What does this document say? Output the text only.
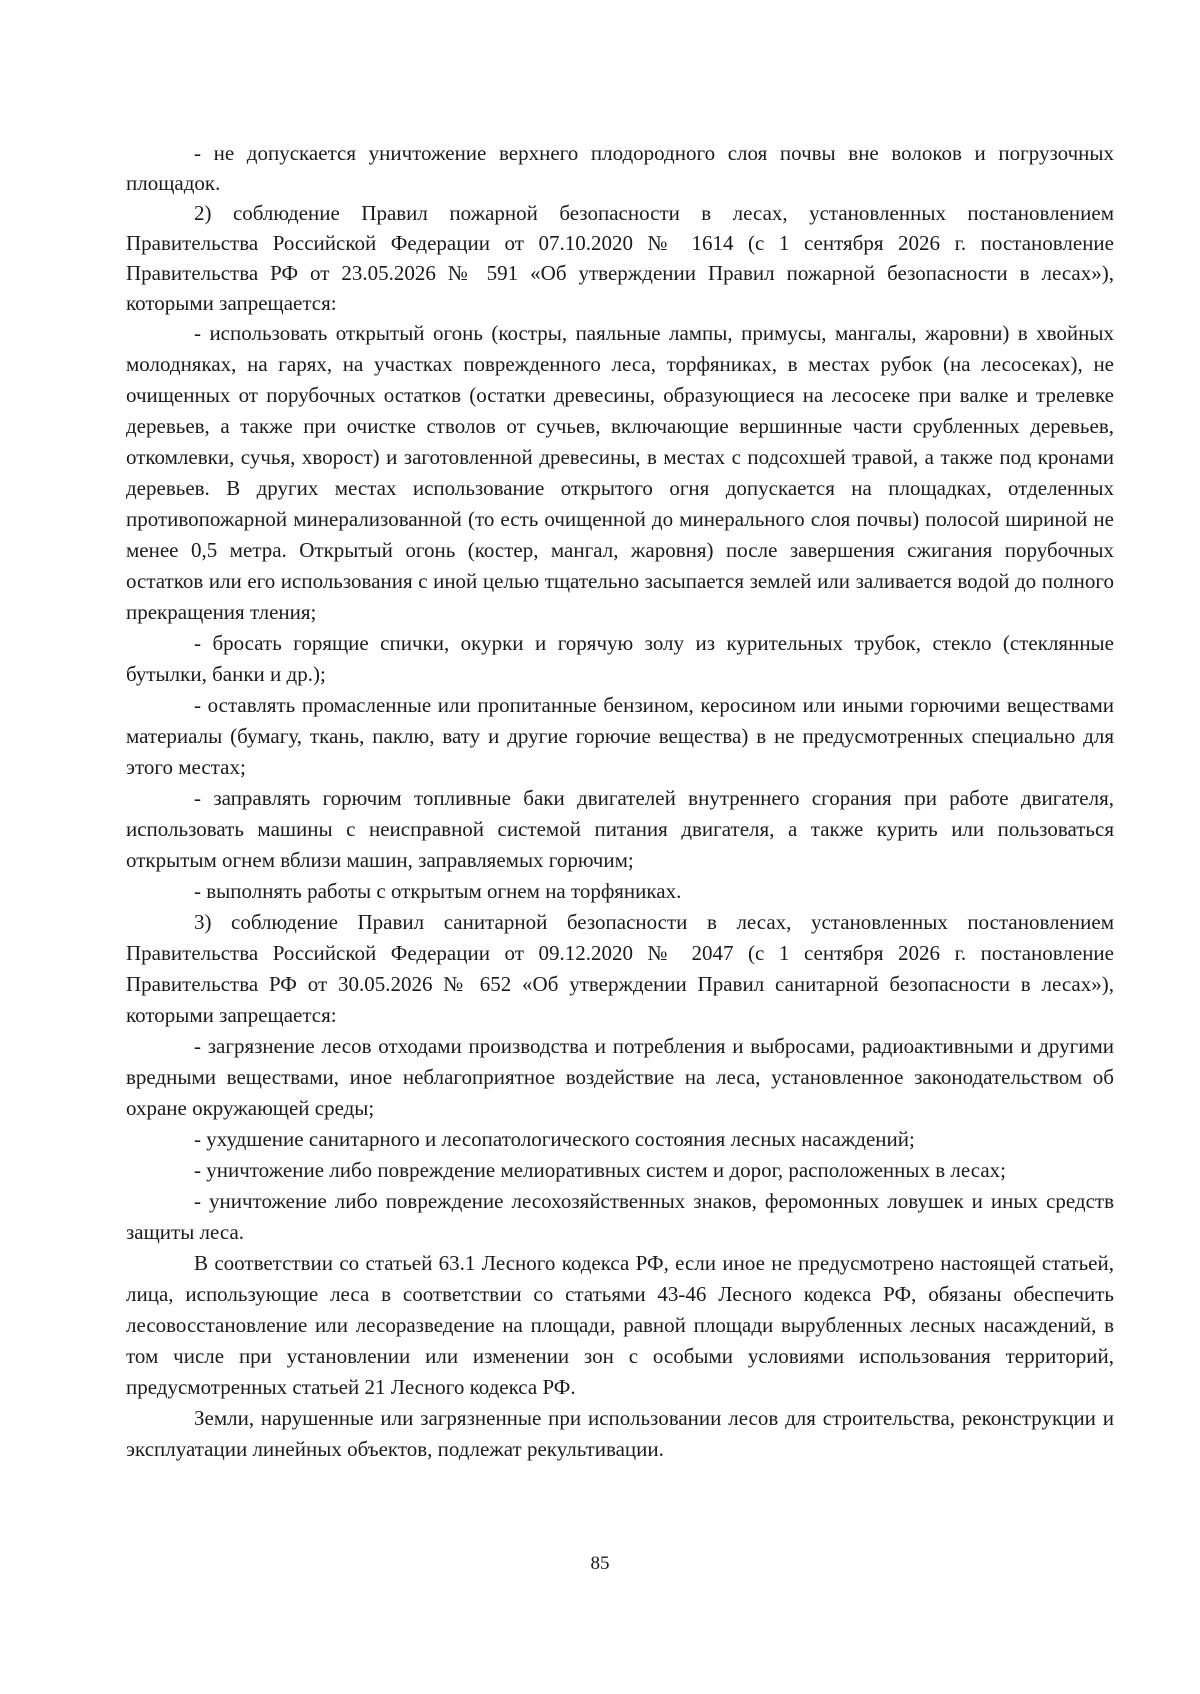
- не допускается уничтожение верхнего плодородного слоя почвы вне волоков и погрузочных площадок.

2) соблюдение Правил пожарной безопасности в лесах, установленных постановлением Правительства Российской Федерации от 07.10.2020 № 1614 (с 1 сентября 2026 г. постановление Правительства РФ от 23.05.2026 № 591 «Об утверждении Правил пожарной безопасности в лесах»), которыми запрещается:

- использовать открытый огонь (костры, паяльные лампы, примусы, мангалы, жаровни) в хвойных молодняках, на гарях, на участках поврежденного леса, торфяниках, в местах рубок (на лесосеках), не очищенных от порубочных остатков (остатки древесины, образующиеся на лесосеке при валке и трелевке деревьев, а также при очистке стволов от сучьев, включающие вершинные части срубленных деревьев, откомлевки, сучья, хворост) и заготовленной древесины, в местах с подсохшей травой, а также под кронами деревьев. В других местах использование открытого огня допускается на площадках, отделенных противопожарной минерализованной (то есть очищенной до минерального слоя почвы) полосой шириной не менее 0,5 метра. Открытый огонь (костер, мангал, жаровня) после завершения сжигания порубочных остатков или его использования с иной целью тщательно засыпается землей или заливается водой до полного прекращения тления;

- бросать горящие спички, окурки и горячую золу из курительных трубок, стекло (стеклянные бутылки, банки и др.);

- оставлять промасленные или пропитанные бензином, керосином или иными горючими веществами материалы (бумагу, ткань, паклю, вату и другие горючие вещества) в не предусмотренных специально для этого местах;

- заправлять горючим топливные баки двигателей внутреннего сгорания при работе двигателя, использовать машины с неисправной системой питания двигателя, а также курить или пользоваться открытым огнем вблизи машин, заправляемых горючим;

- выполнять работы с открытым огнем на торфяниках.

3) соблюдение Правил санитарной безопасности в лесах, установленных постановлением Правительства Российской Федерации от 09.12.2020 № 2047 (с 1 сентября 2026 г. постановление Правительства РФ от 30.05.2026 № 652 «Об утверждении Правил санитарной безопасности в лесах»), которыми запрещается:

- загрязнение лесов отходами производства и потребления и выбросами, радиоактивными и другими вредными веществами, иное неблагоприятное воздействие на леса, установленное законодательством об охране окружающей среды;

- ухудшение санитарного и лесопатологического состояния лесных насаждений;

- уничтожение либо повреждение мелиоративных систем и дорог, расположенных в лесах;

- уничтожение либо повреждение лесохозяйственных знаков, феромонных ловушек и иных средств защиты леса.

В соответствии со статьей 63.1 Лесного кодекса РФ, если иное не предусмотрено настоящей статьей, лица, использующие леса в соответствии со статьями 43-46 Лесного кодекса РФ, обязаны обеспечить лесовосстановление или лесоразведение на площади, равной площади вырубленных лесных насаждений, в том числе при установлении или изменении зон с особыми условиями использования территорий, предусмотренных статьей 21 Лесного кодекса РФ.

Земли, нарушенные или загрязненные при использовании лесов для строительства, реконструкции и эксплуатации линейных объектов, подлежат рекультивации.

85
